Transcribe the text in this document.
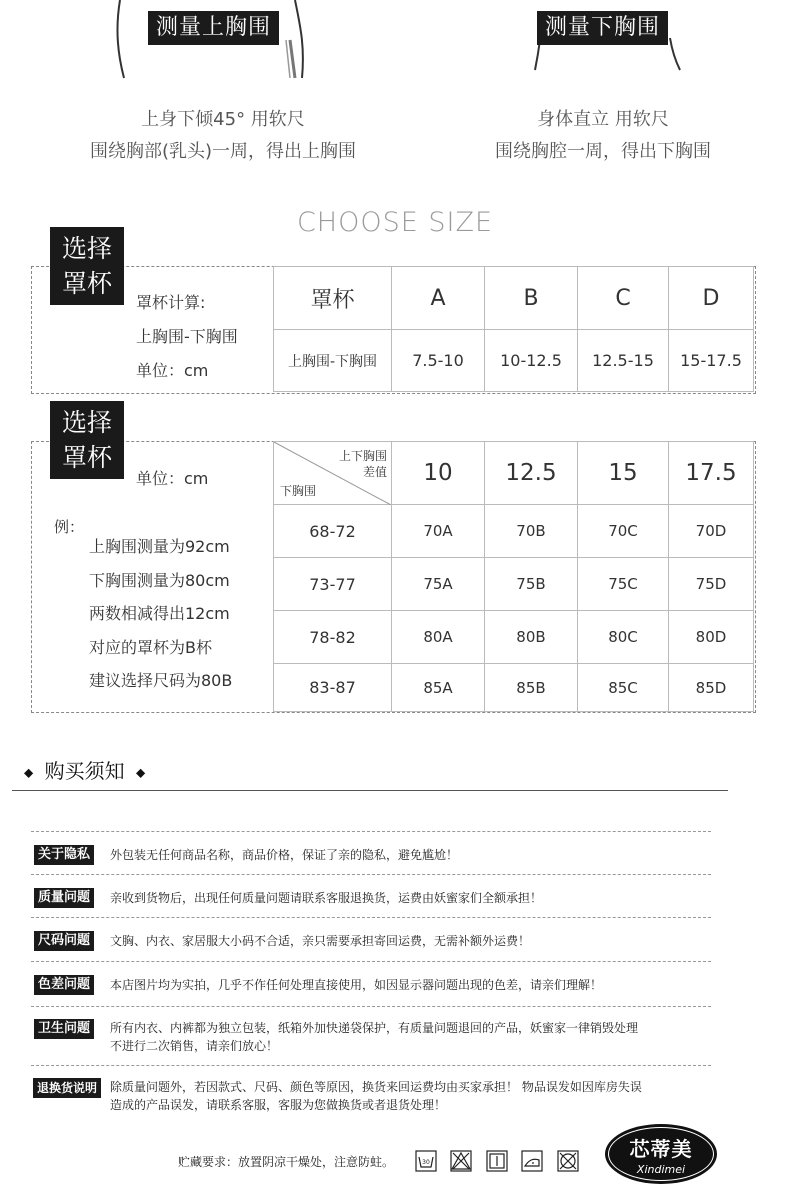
测量上胸围	测量下胸围
上身下倾45° 用软尺
围绕胸部(乳头)一周，得出上胸围
身体直立 用软尺
围绕胸腔一周，得出下胸围
CHOOSE SIZE
选择
罩杯
罩杯计算:
上胸围-下胸围
单位：cm
罩杯	A	B	C	D
上胸围-下胸围	7.5-10	10-12.5	12.5-15	15-17.5
选择
罩杯
单位：cm
例：
上胸围测量为92cm
下胸围测量为80cm
两数相减得出12cm
对应的罩杯为B杯
建议选择尺码为80B
上下胸围
差值
下胸围	10	12.5	15	17.5
68-72	70A	70B	70C	70D
73-77	75A	75B	75C	75D
78-82	80A	80B	80C	80D
83-87	85A	85B	85C	85D
◆ 购买须知 ◆
关于隐私	外包装无任何商品名称，商品价格，保证了亲的隐私，避免尴尬！
质量问题	亲收到货物后，出现任何质量问题请联系客服退换货，运费由妖蜜家们全额承担！
尺码问题	文胸、内衣、家居服大小码不合适，亲只需要承担寄回运费，无需补额外运费！
色差问题	本店图片均为实拍，几乎不作任何处理直接使用，如因显示器问题出现的色差，请亲们理解！
卫生问题	所有内衣、内裤都为独立包装，纸箱外加快递袋保护，有质量问题退回的产品，妖蜜家一律销毁处理
不进行二次销售，请亲们放心！
退换货说明	除质量问题外，若因款式、尺码、颜色等原因，换货来回运费均由买家承担！ 物品误发如因库房失误
造成的产品误发，请联系客服，客服为您做换货或者退货处理！
贮藏要求：放置阴凉干燥处，注意防蛀。	30
芯蒂美
Xindimei
